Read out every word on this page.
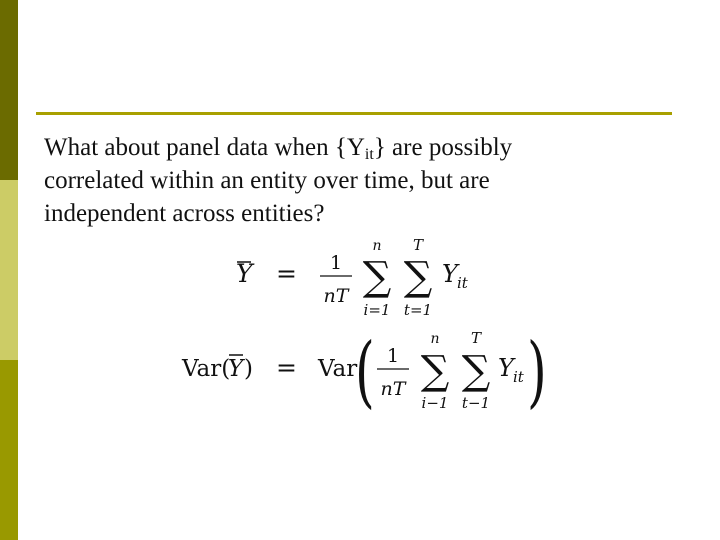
What about panel data when $\{Y_{it}\}$ are possibly
correlated within an entity over time, but are
independent across entities?
Y = 1
nT
n
∑
i=1
T
∑
t=1
Y it
Var(
Y ) = Var
( 1
nT
n
∑
i−1
T
∑
t−1
Y it )
